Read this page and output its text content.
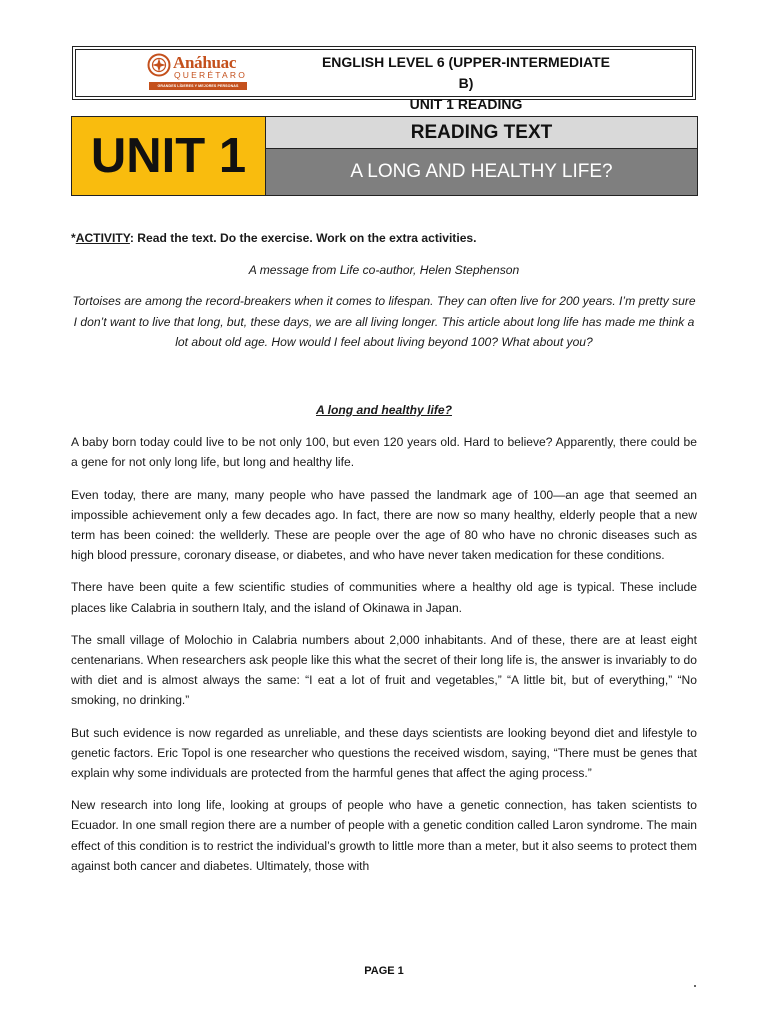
Anáhuac
QUERÉTARO
GRANDES LÍDERES Y MEJORES PERSONAS
ENGLISH LEVEL 6 (UPPER-INTERMEDIATE B)
UNIT 1 READING
UNIT 1	READING TEXT
A LONG AND HEALTHY LIFE?

*ACTIVITY: Read the text. Do the exercise. Work on the extra activities.

A message from Life co-author, Helen Stephenson

Tortoises are among the record-breakers when it comes to lifespan. They can often live for 200 years. I’m pretty sure I don’t want to live that long, but, these days, we are all living longer. This article about long life has made me think a lot about old age. How would I feel about living beyond 100? What about you?

A long and healthy life?

A baby born today could live to be not only 100, but even 120 years old. Hard to believe? Apparently, there could be a gene for not only long life, but long and healthy life.

Even today, there are many, many people who have passed the landmark age of 100—an age that seemed an impossible achievement only a few decades ago. In fact, there are now so many healthy, elderly people that a new term has been coined: the wellderly. These are people over the age of 80 who have no chronic diseases such as high blood pressure, coronary disease, or diabetes, and who have never taken medication for these conditions.

There have been quite a few scientific studies of communities where a healthy old age is typical. These include places like Calabria in southern Italy, and the island of Okinawa in Japan.

The small village of Molochio in Calabria numbers about 2,000 inhabitants. And of these, there are at least eight centenarians. When researchers ask people like this what the secret of their long life is, the answer is invariably to do with diet and is almost always the same: “I eat a lot of fruit and vegetables,” “A little bit, but of everything,” “No smoking, no drinking.”

But such evidence is now regarded as unreliable, and these days scientists are looking beyond diet and lifestyle to genetic factors. Eric Topol is one researcher who questions the received wisdom, saying, “There must be genes that explain why some individuals are protected from the harmful genes that affect the aging process.”

New research into long life, looking at groups of people who have a genetic connection, has taken scientists to Ecuador. In one small region there are a number of people with a genetic condition called Laron syndrome. The main effect of this condition is to restrict the individual’s growth to little more than a meter, but it also seems to protect them against both cancer and diabetes. Ultimately, those with

PAGE 1
